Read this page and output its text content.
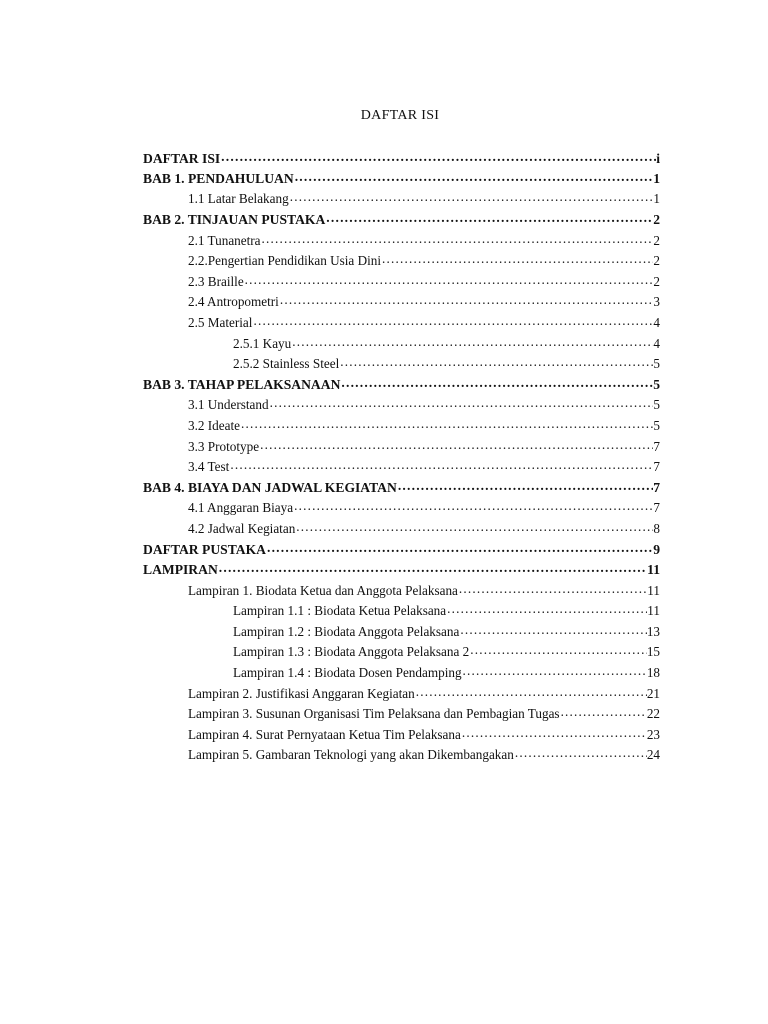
DAFTAR ISI
DAFTAR ISI .....	i
BAB 1. PENDAHULUAN .....	1
1.1 Latar Belakang .....	1
BAB 2. TINJAUAN PUSTAKA .....	2
2.1 Tunanetra .....	2
2.2.Pengertian Pendidikan Usia Dini .....	2
2.3 Braille .....	2
2.4 Antropometri .....	3
2.5 Material .....	4
2.5.1 Kayu .....	4
2.5.2 Stainless Steel .....	5
BAB 3. TAHAP PELAKSANAAN .....	5
3.1 Understand .....	5
3.2 Ideate .....	5
3.3 Prototype .....	7
3.4 Test .....	7
BAB 4. BIAYA DAN JADWAL KEGIATAN .....	7
4.1 Anggaran Biaya .....	7
4.2 Jadwal Kegiatan .....	8
DAFTAR PUSTAKA .....	9
LAMPIRAN .....	11
Lampiran 1. Biodata Ketua dan Anggota Pelaksana .....	11
Lampiran 1.1 : Biodata Ketua Pelaksana .....	11
Lampiran 1.2 : Biodata Anggota Pelaksana .....	13
Lampiran 1.3 : Biodata Anggota Pelaksana 2 .....	15
Lampiran 1.4 : Biodata Dosen Pendamping .....	18
Lampiran 2. Justifikasi Anggaran Kegiatan .....	21
Lampiran 3. Susunan Organisasi Tim Pelaksana dan Pembagian Tugas .....	22
Lampiran 4. Surat Pernyataan Ketua Tim Pelaksana .....	23
Lampiran 5. Gambaran Teknologi yang akan Dikembangakan .....	24
